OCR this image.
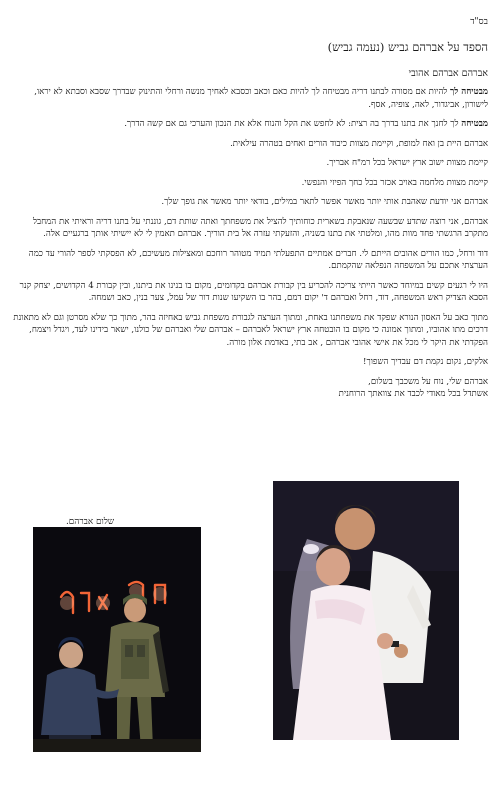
בס"ד
הספד על אברהם גביש (נעמה גביש)
אברהם אברהם אהובי

מבטיחה לך להיות אם מסורה לבתנו דריה מבטיחה לך להיות כאם וכאב וכסבא לאחיך מנשה ורחלי והתינוק שבדרך שסבא וסבתא לא יראו, לישורון, אביגדור, לאה, צופיה, אסף.

מבטיחה לך לחנך את בתנו בדרך בה רצית: לא לחפש את הקל והנוח אלא את הנכון והערכי גם אם קשה הדרך.

אברהם היית בן ואח למופת, וקיימת מצוות כיבוד הורים ואחים בטהרה עילאית.

קיימת מצוות ישוב ארץ ישראל בכל רמ"ח אבריך.

קיימת מצוות מלחמה באויב אכזר בכל כחך הפיזי והנפשי.

אברהם אני יודעת שאהבת אותי יותר מאשר אפשר לתאר במילים, בודאי יותר מאשר את גופך שלך.

אברהם, אני רוצה שתדע שבשעה שנאבקת בשארית כוחותיך להציל את משפחתך ואתה שותת דם, גוננתי על בתנו דריה וראיתי את המחבל מתקרב הרגשתי פחד מוות מהו, ומלטתי את בתנו בשניה, והזעקתי עזרה אל בית הוריך. אברהם תאמין לי לא יישיתי אותך ברגעיים אלה.

דוד ורחל, כמו הורים אהובים הייתם לי. חברים אמתיים התפעלתי תמיד מטוהר רוחכם ומאצילות מעשיכם, לא הפסקתי לספר להורי עד כמה הערצתי אתכם על המשפחה הנפלאה שהקמתם.

היו לי רגעים קשים במיוחד כאשר הייתי צריכה להכריע בין קבורת אברהם בקדומים, מקום בו בנינו את ביתנו, ובין קבורת 4 הקדושים, יצחק קנר הסבא הצדיק ראש המשפחה, דוד, רחל ואברהם ד' יקום דמם, בהר בו השקיעו שנות דור של עמל, צער בנין, כאב ושמחה.

מתוך כאב על האסון הנורא שפקד את משפחתנו באחת, ומתוך הערצה לגבורת משפחת גביש באחיזה בהר, מתוך כך שלא מסרטן וגם לא מתאונת דרכים מתו אהוביו, ומתוך אמונה כי מקום בו הובטחה ארץ ישראל לאברהם – אברהם שלי ואברהם של כולנו, ישאר בידינו לעד, ויגדל ויצמח, הפקדתי את היקר לי מכל את אישי אהובי אברהם , אב בתי, באדמת אלון מורה.

אלקים, נקום נקמת דם עבדיך השפוך!

אברהם שלי, נוח על משכבך בשלום,
אשתדל בכל מאודי לכבד את צוואתך הרוחנית

שלום אברהם.
